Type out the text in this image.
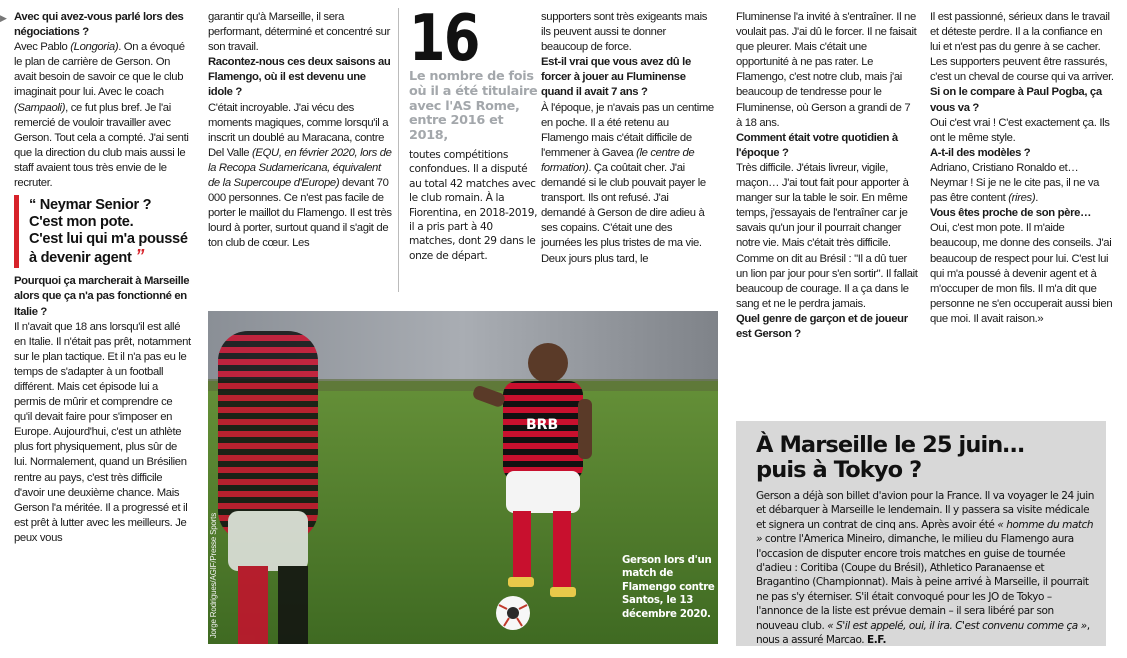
▶ Avec qui avez-vous parlé lors des négociations ?

Avec Pablo (Longoria). On a évoqué le plan de carrière de Gerson. On avait besoin de savoir ce que le club imaginait pour lui. Avec le coach (Sampaoli), ce fut plus bref. Je l'ai remercié de vouloir travailler avec Gerson. Tout cela a compté. J'ai senti que la direction du club mais aussi le staff avaient tous très envie de le recruter.

“ Neymar Senior ?
C'est mon pote.
C'est lui qui m'a poussé
à devenir agent ”

Pourquoi ça marcherait à Marseille alors que ça n'a pas fonctionné en Italie ?

Il n'avait que 18 ans lorsqu'il est allé en Italie. Il n'était pas prêt, notamment sur le plan tactique. Et il n'a pas eu le temps de s'adapter à un football différent. Mais cet épisode lui a permis de mûrir et comprendre ce qu'il devait faire pour s'imposer en Europe. Aujourd'hui, c'est un athlète plus fort physiquement, plus sûr de lui. Normalement, quand un Brésilien rentre au pays, c'est très difficile d'avoir une deuxième chance. Mais Gerson l'a méritée. Il a progressé et il est prêt à lutter avec les meilleurs. Je peux vous

garantir qu'à Marseille, il sera performant, déterminé et concentré sur son travail.

Racontez-nous ces deux saisons au Flamengo, où il est devenu une idole ?

C'était incroyable. J'ai vécu des moments magiques, comme lorsqu'il a inscrit un doublé au Maracana, contre Del Valle (EQU, en février 2020, lors de la Recopa Sudamericana, équivalent de la Supercoupe d'Europe) devant 70 000 personnes. Ce n'est pas facile de porter le maillot du Flamengo. Il est très lourd à porter, surtout quand il s'agit de ton club de cœur. Les

16
Le nombre de fois où il a été titulaire avec l'AS Rome, entre 2016 et 2018,
toutes compétitions confondues. Il a disputé au total 42 matches avec le club romain. À la Fiorentina, en 2018-2019, il a pris part à 40 matches, dont 29 dans le onze de départ.

supporters sont très exigeants mais ils peuvent aussi te donner beaucoup de force.

Est-il vrai que vous avez dû le forcer à jouer au Fluminense quand il avait 7 ans ?

À l'époque, je n'avais pas un centime en poche. Il a été retenu au Flamengo mais c'était difficile de l'emmener à Gavea (le centre de formation). Ça coûtait cher. J'ai demandé si le club pouvait payer le transport. Ils ont refusé. J'ai demandé à Gerson de dire adieu à ses copains. C'était une des journées les plus tristes de ma vie. Deux jours plus tard, le

Fluminense l'a invité à s'entraîner. Il ne voulait pas. J'ai dû le forcer. Il ne faisait que pleurer. Mais c'était une opportunité à ne pas rater. Le Flamengo, c'est notre club, mais j'ai beaucoup de tendresse pour le Fluminense, où Gerson a grandi de 7 à 18 ans.

Comment était votre quotidien à l'époque ?

Très difficile. J'étais livreur, vigile, maçon… J'ai tout fait pour apporter à manger sur la table le soir. En même temps, j'essayais de l'entraîner car je savais qu'un jour il pourrait changer notre vie. Mais c'était très difficile. Comme on dit au Brésil : "Il a dû tuer un lion par jour pour s'en sortir". Il fallait beaucoup de courage. Il a ça dans le sang et ne le perdra jamais.

Quel genre de garçon et de joueur est Gerson ?

Il est passionné, sérieux dans le travail et déteste perdre. Il a la confiance en lui et n'est pas du genre à se cacher. Les supporters peuvent être rassurés, c'est un cheval de course qui va arriver.

Si on le compare à Paul Pogba, ça vous va ?

Oui c'est vrai ! C'est exactement ça. Ils ont le même style.

A-t-il des modèles ?

Adriano, Cristiano Ronaldo et… Neymar ! Si je ne le cite pas, il ne va pas être content (rires).

Vous êtes proche de son père…

Oui, c'est mon pote. Il m'aide beaucoup, me donne des conseils. J'ai beaucoup de respect pour lui. C'est lui qui m'a poussé à devenir agent et à m'occuper de mon fils. Il m'a dit que personne ne s'en occuperait aussi bien que moi. Il avait raison.»

BRB
Jorge Rodrigues/AGIF/Presse Sports	Gerson lors d'un match de Flamengo contre Santos, le 13 décembre 2020.
À Marseille le 25 juin…
puis à Tokyo ?
Gerson a déjà son billet d'avion pour la France. Il va voyager le 24 juin et débarquer à Marseille le lendemain. Il y passera sa visite médicale et signera un contrat de cinq ans. Après avoir été « homme du match » contre l'America Mineiro, dimanche, le milieu du Flamengo aura l'occasion de disputer encore trois matches en guise de tournée d'adieu : Coritiba (Coupe du Brésil), Athletico Paranaense et Bragantino (Championnat). Mais à peine arrivé à Marseille, il pourrait ne pas s'y éterniser. S'il était convoqué pour les JO de Tokyo – l'annonce de la liste est prévue demain – il sera libéré par son nouveau club. « S'il est appelé, oui, il ira. C'est convenu comme ça », nous a assuré Marcao. E.F.
